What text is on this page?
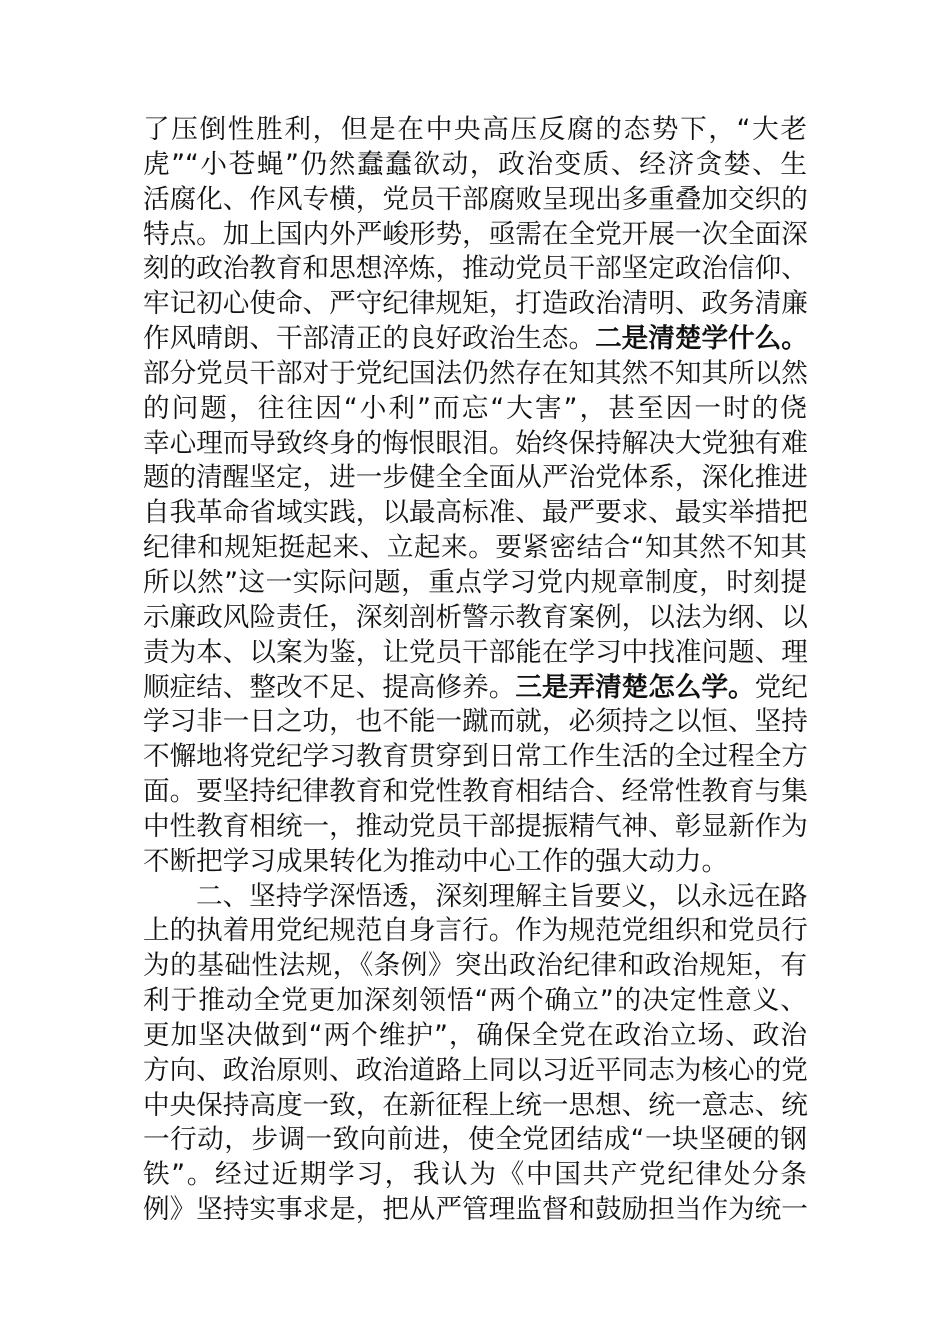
了压倒性胜利，但是在中央高压反腐的态势下，“大老
虎”“小苍蝇”仍然蠢蠢欲动，政治变质、经济贪婪、生
活腐化、作风专横，党员干部腐败呈现出多重叠加交织的
特点。加上国内外严峻形势，亟需在全党开展一次全面深
刻的政治教育和思想淬炼，推动党员干部坚定政治信仰、
牢记初心使命、严守纪律规矩，打造政治清明、政务清廉
作风晴朗、干部清正的良好政治生态。二是清楚学什么。
部分党员干部对于党纪国法仍然存在知其然不知其所以然
的问题，往往因“小利”而忘“大害”，甚至因一时的侥
幸心理而导致终身的悔恨眼泪。始终保持解决大党独有难
题的清醒坚定，进一步健全全面从严治党体系，深化推进
自我革命省域实践，以最高标准、最严要求、最实举措把
纪律和规矩挺起来、立起来。要紧密结合“知其然不知其
所以然”这一实际问题，重点学习党内规章制度，时刻提
示廉政风险责任，深刻剖析警示教育案例，以法为纲、以
责为本、以案为鉴，让党员干部能在学习中找准问题、理
顺症结、整改不足、提高修养。三是弄清楚怎么学。党纪
学习非一日之功，也不能一蹴而就，必须持之以恒、坚持
不懈地将党纪学习教育贯穿到日常工作生活的全过程全方
面。要坚持纪律教育和党性教育相结合、经常性教育与集
中性教育相统一，推动党员干部提振精气神、彰显新作为
不断把学习成果转化为推动中心工作的强大动力。
二、坚持学深悟透，深刻理解主旨要义，以永远在路
上的执着用党纪规范自身言行。作为规范党组织和党员行
为的基础性法规，《条例》突出政治纪律和政治规矩，有
利于推动全党更加深刻领悟“两个确立”的决定性意义、
更加坚决做到“两个维护”，确保全党在政治立场、政治
方向、政治原则、政治道路上同以习近平同志为核心的党
中央保持高度一致，在新征程上统一思想、统一意志、统
一行动，步调一致向前进，使全党团结成“一块坚硬的钢
铁”。经过近期学习，我认为《中国共产党纪律处分条
例》坚持实事求是，把从严管理监督和鼓励担当作为统一
